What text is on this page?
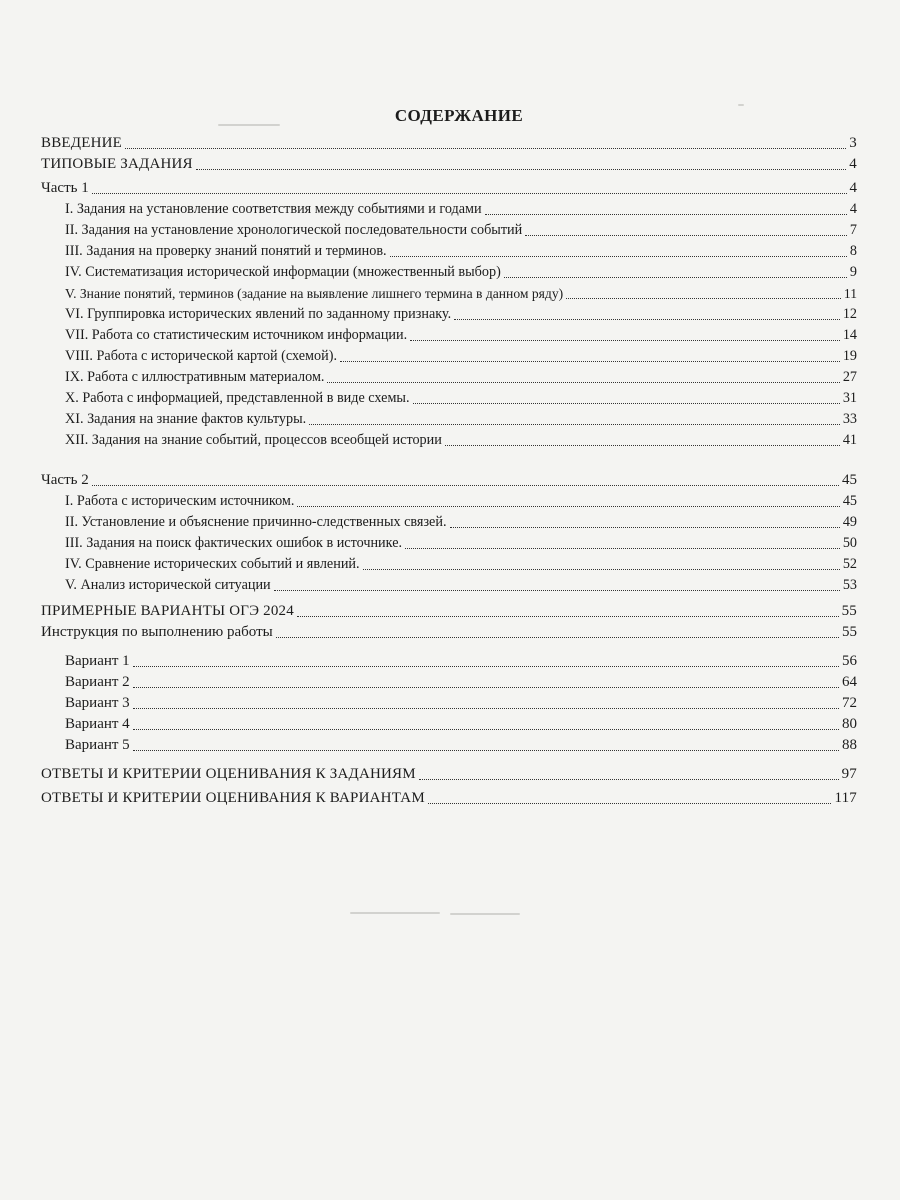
СОДЕРЖАНИЕ
ВВЕДЕНИЕ	3
ТИПОВЫЕ ЗАДАНИЯ	4
Часть 1	4
I. Задания на установление соответствия между событиями и годами	4
II. Задания на установление хронологической последовательности событий	7
III. Задания на проверку знаний понятий и терминов.	8
IV. Систематизация исторической информации (множественный выбор)	9
V. Знание понятий, терминов (задание на выявление лишнего термина в данном ряду)	11
VI. Группировка исторических явлений по заданному признаку.	12
VII. Работа со статистическим источником информации.	14
VIII. Работа с исторической картой (схемой).	19
IX. Работа с иллюстративным материалом.	27
X. Работа с информацией, представленной в виде схемы.	31
XI. Задания на знание фактов культуры.	33
XII. Задания на знание событий, процессов всеобщей истории	41
Часть 2	45
I. Работа с историческим источником.	45
II. Установление и объяснение причинно-следственных связей.	49
III. Задания на поиск фактических ошибок в источнике.	50
IV. Сравнение исторических событий и явлений.	52
V. Анализ исторической ситуации	53
ПРИМЕРНЫЕ ВАРИАНТЫ ОГЭ 2024	55
Инструкция по выполнению работы	55
Вариант 1	56
Вариант 2	64
Вариант 3	72
Вариант 4	80
Вариант 5	88
ОТВЕТЫ И КРИТЕРИИ ОЦЕНИВАНИЯ К ЗАДАНИЯМ	97
ОТВЕТЫ И КРИТЕРИИ ОЦЕНИВАНИЯ К ВАРИАНТАМ	117
